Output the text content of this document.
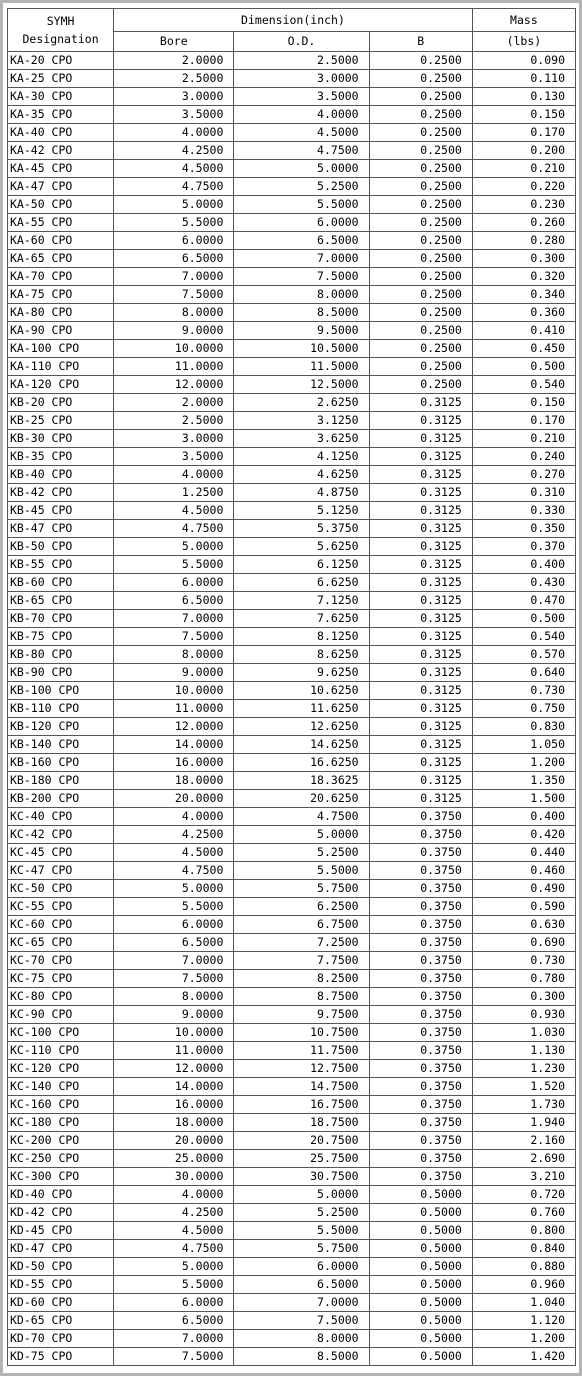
SYMH
Designation	Dimension(inch)			Mass
	Bore	O.D.	B	(lbs)
KA-20 CPO	2.0000	2.5000	0.2500	0.090
KA-25 CPO	2.5000	3.0000	0.2500	0.110
KA-30 CPO	3.0000	3.5000	0.2500	0.130
KA-35 CPO	3.5000	4.0000	0.2500	0.150
KA-40 CPO	4.0000	4.5000	0.2500	0.170
KA-42 CPO	4.2500	4.7500	0.2500	0.200
KA-45 CPO	4.5000	5.0000	0.2500	0.210
KA-47 CPO	4.7500	5.2500	0.2500	0.220
KA-50 CPO	5.0000	5.5000	0.2500	0.230
KA-55 CPO	5.5000	6.0000	0.2500	0.260
KA-60 CPO	6.0000	6.5000	0.2500	0.280
KA-65 CPO	6.5000	7.0000	0.2500	0.300
KA-70 CPO	7.0000	7.5000	0.2500	0.320
KA-75 CPO	7.5000	8.0000	0.2500	0.340
KA-80 CPO	8.0000	8.5000	0.2500	0.360
KA-90 CPO	9.0000	9.5000	0.2500	0.410
KA-100 CPO	10.0000	10.5000	0.2500	0.450
KA-110 CPO	11.0000	11.5000	0.2500	0.500
KA-120 CPO	12.0000	12.5000	0.2500	0.540
KB-20 CPO	2.0000	2.6250	0.3125	0.150
KB-25 CPO	2.5000	3.1250	0.3125	0.170
KB-30 CPO	3.0000	3.6250	0.3125	0.210
KB-35 CPO	3.5000	4.1250	0.3125	0.240
KB-40 CPO	4.0000	4.6250	0.3125	0.270
KB-42 CPO	1.2500	4.8750	0.3125	0.310
KB-45 CPO	4.5000	5.1250	0.3125	0.330
KB-47 CPO	4.7500	5.3750	0.3125	0.350
KB-50 CPO	5.0000	5.6250	0.3125	0.370
KB-55 CPO	5.5000	6.1250	0.3125	0.400
KB-60 CPO	6.0000	6.6250	0.3125	0.430
KB-65 CPO	6.5000	7.1250	0.3125	0.470
KB-70 CPO	7.0000	7.6250	0.3125	0.500
KB-75 CPO	7.5000	8.1250	0.3125	0.540
KB-80 CPO	8.0000	8.6250	0.3125	0.570
KB-90 CPO	9.0000	9.6250	0.3125	0.640
KB-100 CPO	10.0000	10.6250	0.3125	0.730
KB-110 CPO	11.0000	11.6250	0.3125	0.750
KB-120 CPO	12.0000	12.6250	0.3125	0.830
KB-140 CPO	14.0000	14.6250	0.3125	1.050
KB-160 CPO	16.0000	16.6250	0.3125	1.200
KB-180 CPO	18.0000	18.3625	0.3125	1.350
KB-200 CPO	20.0000	20.6250	0.3125	1.500
KC-40 CPO	4.0000	4.7500	0.3750	0.400
KC-42 CPO	4.2500	5.0000	0.3750	0.420
KC-45 CPO	4.5000	5.2500	0.3750	0.440
KC-47 CPO	4.7500	5.5000	0.3750	0.460
KC-50 CPO	5.0000	5.7500	0.3750	0.490
KC-55 CPO	5.5000	6.2500	0.3750	0.590
KC-60 CPO	6.0000	6.7500	0.3750	0.630
KC-65 CPO	6.5000	7.2500	0.3750	0.690
KC-70 CPO	7.0000	7.7500	0.3750	0.730
KC-75 CPO	7.5000	8.2500	0.3750	0.780
KC-80 CPO	8.0000	8.7500	0.3750	0.300
KC-90 CPO	9.0000	9.7500	0.3750	0.930
KC-100 CPO	10.0000	10.7500	0.3750	1.030
KC-110 CPO	11.0000	11.7500	0.3750	1.130
KC-120 CPO	12.0000	12.7500	0.3750	1.230
KC-140 CPO	14.0000	14.7500	0.3750	1.520
KC-160 CPO	16.0000	16.7500	0.3750	1.730
KC-180 CPO	18.0000	18.7500	0.3750	1.940
KC-200 CPO	20.0000	20.7500	0.3750	2.160
KC-250 CPO	25.0000	25.7500	0.3750	2.690
KC-300 CPO	30.0000	30.7500	0.3750	3.210
KD-40 CPO	4.0000	5.0000	0.5000	0.720
KD-42 CPO	4.2500	5.2500	0.5000	0.760
KD-45 CPO	4.5000	5.5000	0.5000	0.800
KD-47 CPO	4.7500	5.7500	0.5000	0.840
KD-50 CPO	5.0000	6.0000	0.5000	0.880
KD-55 CPO	5.5000	6.5000	0.5000	0.960
KD-60 CPO	6.0000	7.0000	0.5000	1.040
KD-65 CPO	6.5000	7.5000	0.5000	1.120
KD-70 CPO	7.0000	8.0000	0.5000	1.200
KD-75 CPO	7.5000	8.5000	0.5000	1.420
